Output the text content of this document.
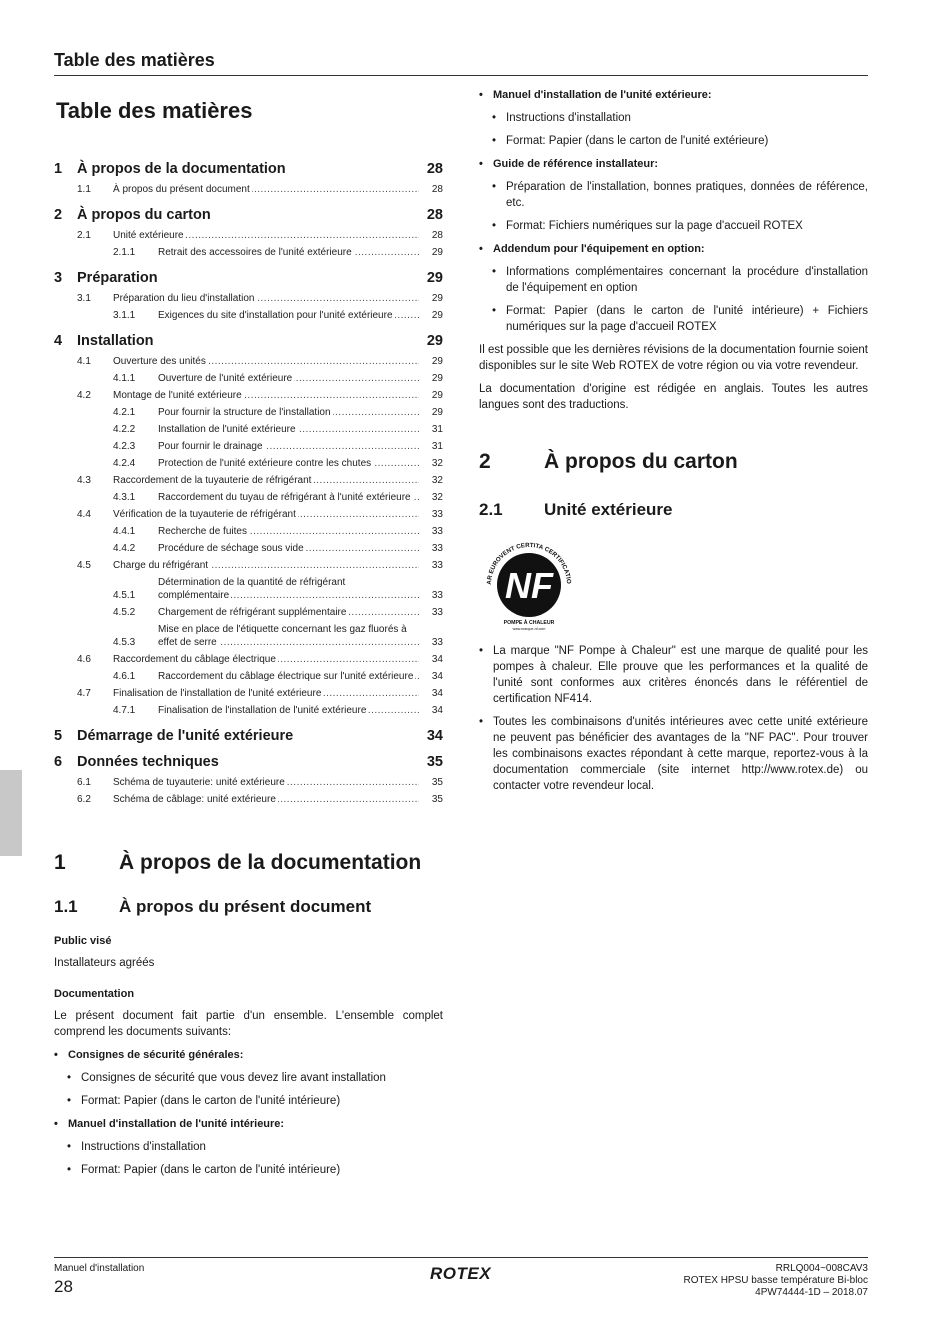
Table des matières
Table des matières
1	À propos de la documentation	28
1.1	À propos du présent document .....	28
2	À propos du carton	28
2.1	Unité extérieure .....	28
2.1.1	Retrait des accessoires de l'unité extérieure .....	29
3	Préparation	29
3.1	Préparation du lieu d'installation .....	29
3.1.1	Exigences du site d'installation pour l'unité extérieure .....	29
4	Installation	29
4.1	Ouverture des unités .....	29
4.1.1	Ouverture de l'unité extérieure .....	29
4.2	Montage de l'unité extérieure .....	29
4.2.1	Pour fournir la structure de l'installation .....	29
4.2.2	Installation de l'unité extérieure .....	31
4.2.3	Pour fournir le drainage .....	31
4.2.4	Protection de l'unité extérieure contre les chutes .....	32
4.3	Raccordement de la tuyauterie de réfrigérant .....	32
4.3.1	Raccordement du tuyau de réfrigérant à l'unité extérieure .....	32
4.4	Vérification de la tuyauterie de réfrigérant .....	33
4.4.1	Recherche de fuites .....	33
4.4.2	Procédure de séchage sous vide .....	33
4.5	Charge du réfrigérant .....	33
4.5.1
Détermination de la quantité de réfrigérant complémentaire .....	33
4.5.2	Chargement de réfrigérant supplémentaire .....	33
4.5.3
Mise en place de l'étiquette concernant les gaz fluorés à effet de serre .....	33
4.6	Raccordement du câblage électrique .....	34
4.6.1	Raccordement du câblage électrique sur l'unité extérieure .....	34
4.7	Finalisation de l'installation de l'unité extérieure .....	34
4.7.1	Finalisation de l'installation de l'unité extérieure .....	34
5	Démarrage de l'unité extérieure	34
6	Données techniques	35
6.1	Schéma de tuyauterie: unité extérieure .....	35
6.2	Schéma de câblage: unité extérieure .....	35
1	À propos de la documentation
1.1	À propos du présent document
Public visé
Installateurs agréés
Documentation
Le présent document fait partie d'un ensemble. L'ensemble complet comprend les documents suivants:
• Consignes de sécurité générales:
• Consignes de sécurité que vous devez lire avant installation
• Format: Papier (dans le carton de l'unité intérieure)
• Manuel d'installation de l'unité intérieure:
• Instructions d'installation
• Format: Papier (dans le carton de l'unité intérieure)
• Manuel d'installation de l'unité extérieure:
• Instructions d'installation
• Format: Papier (dans le carton de l'unité extérieure)
• Guide de référence installateur:
• Préparation de l'installation, bonnes pratiques, données de référence, etc.
• Format: Fichiers numériques sur la page d'accueil ROTEX
• Addendum pour l'équipement en option:
• Informations complémentaires concernant la procédure d'installation de l'équipement en option
• Format: Papier (dans le carton de l'unité intérieure) + Fichiers numériques sur la page d'accueil ROTEX
Il est possible que les dernières révisions de la documentation fournie soient disponibles sur le site Web ROTEX de votre région ou via votre revendeur.
La documentation d'origine est rédigée en anglais. Toutes les autres langues sont des traductions.
2	À propos du carton
2.1	Unité extérieure
AR EUROVENT CERTITA CERTIFICATIO
NF
POMPE À CHALEUR
www.marque-nf.com
• La marque "NF Pompe à Chaleur" est une marque de qualité pour les pompes à chaleur. Elle prouve que les performances et la qualité de l'unité sont conformes aux critères énoncés dans le référentiel de certification NF414.
• Toutes les combinaisons d'unités intérieures avec cette unité extérieure ne peuvent pas bénéficier des avantages de la "NF PAC". Pour trouver les combinaisons exactes répondant à cette marque, reportez-vous à la documentation commerciale (site internet http://www.rotex.de) ou contacter votre revendeur local.
Manuel d'installation
28
ROTEX	RRLQ004~008CAV3
ROTEX HPSU basse température Bi-bloc
4PW74444-1D – 2018.07
